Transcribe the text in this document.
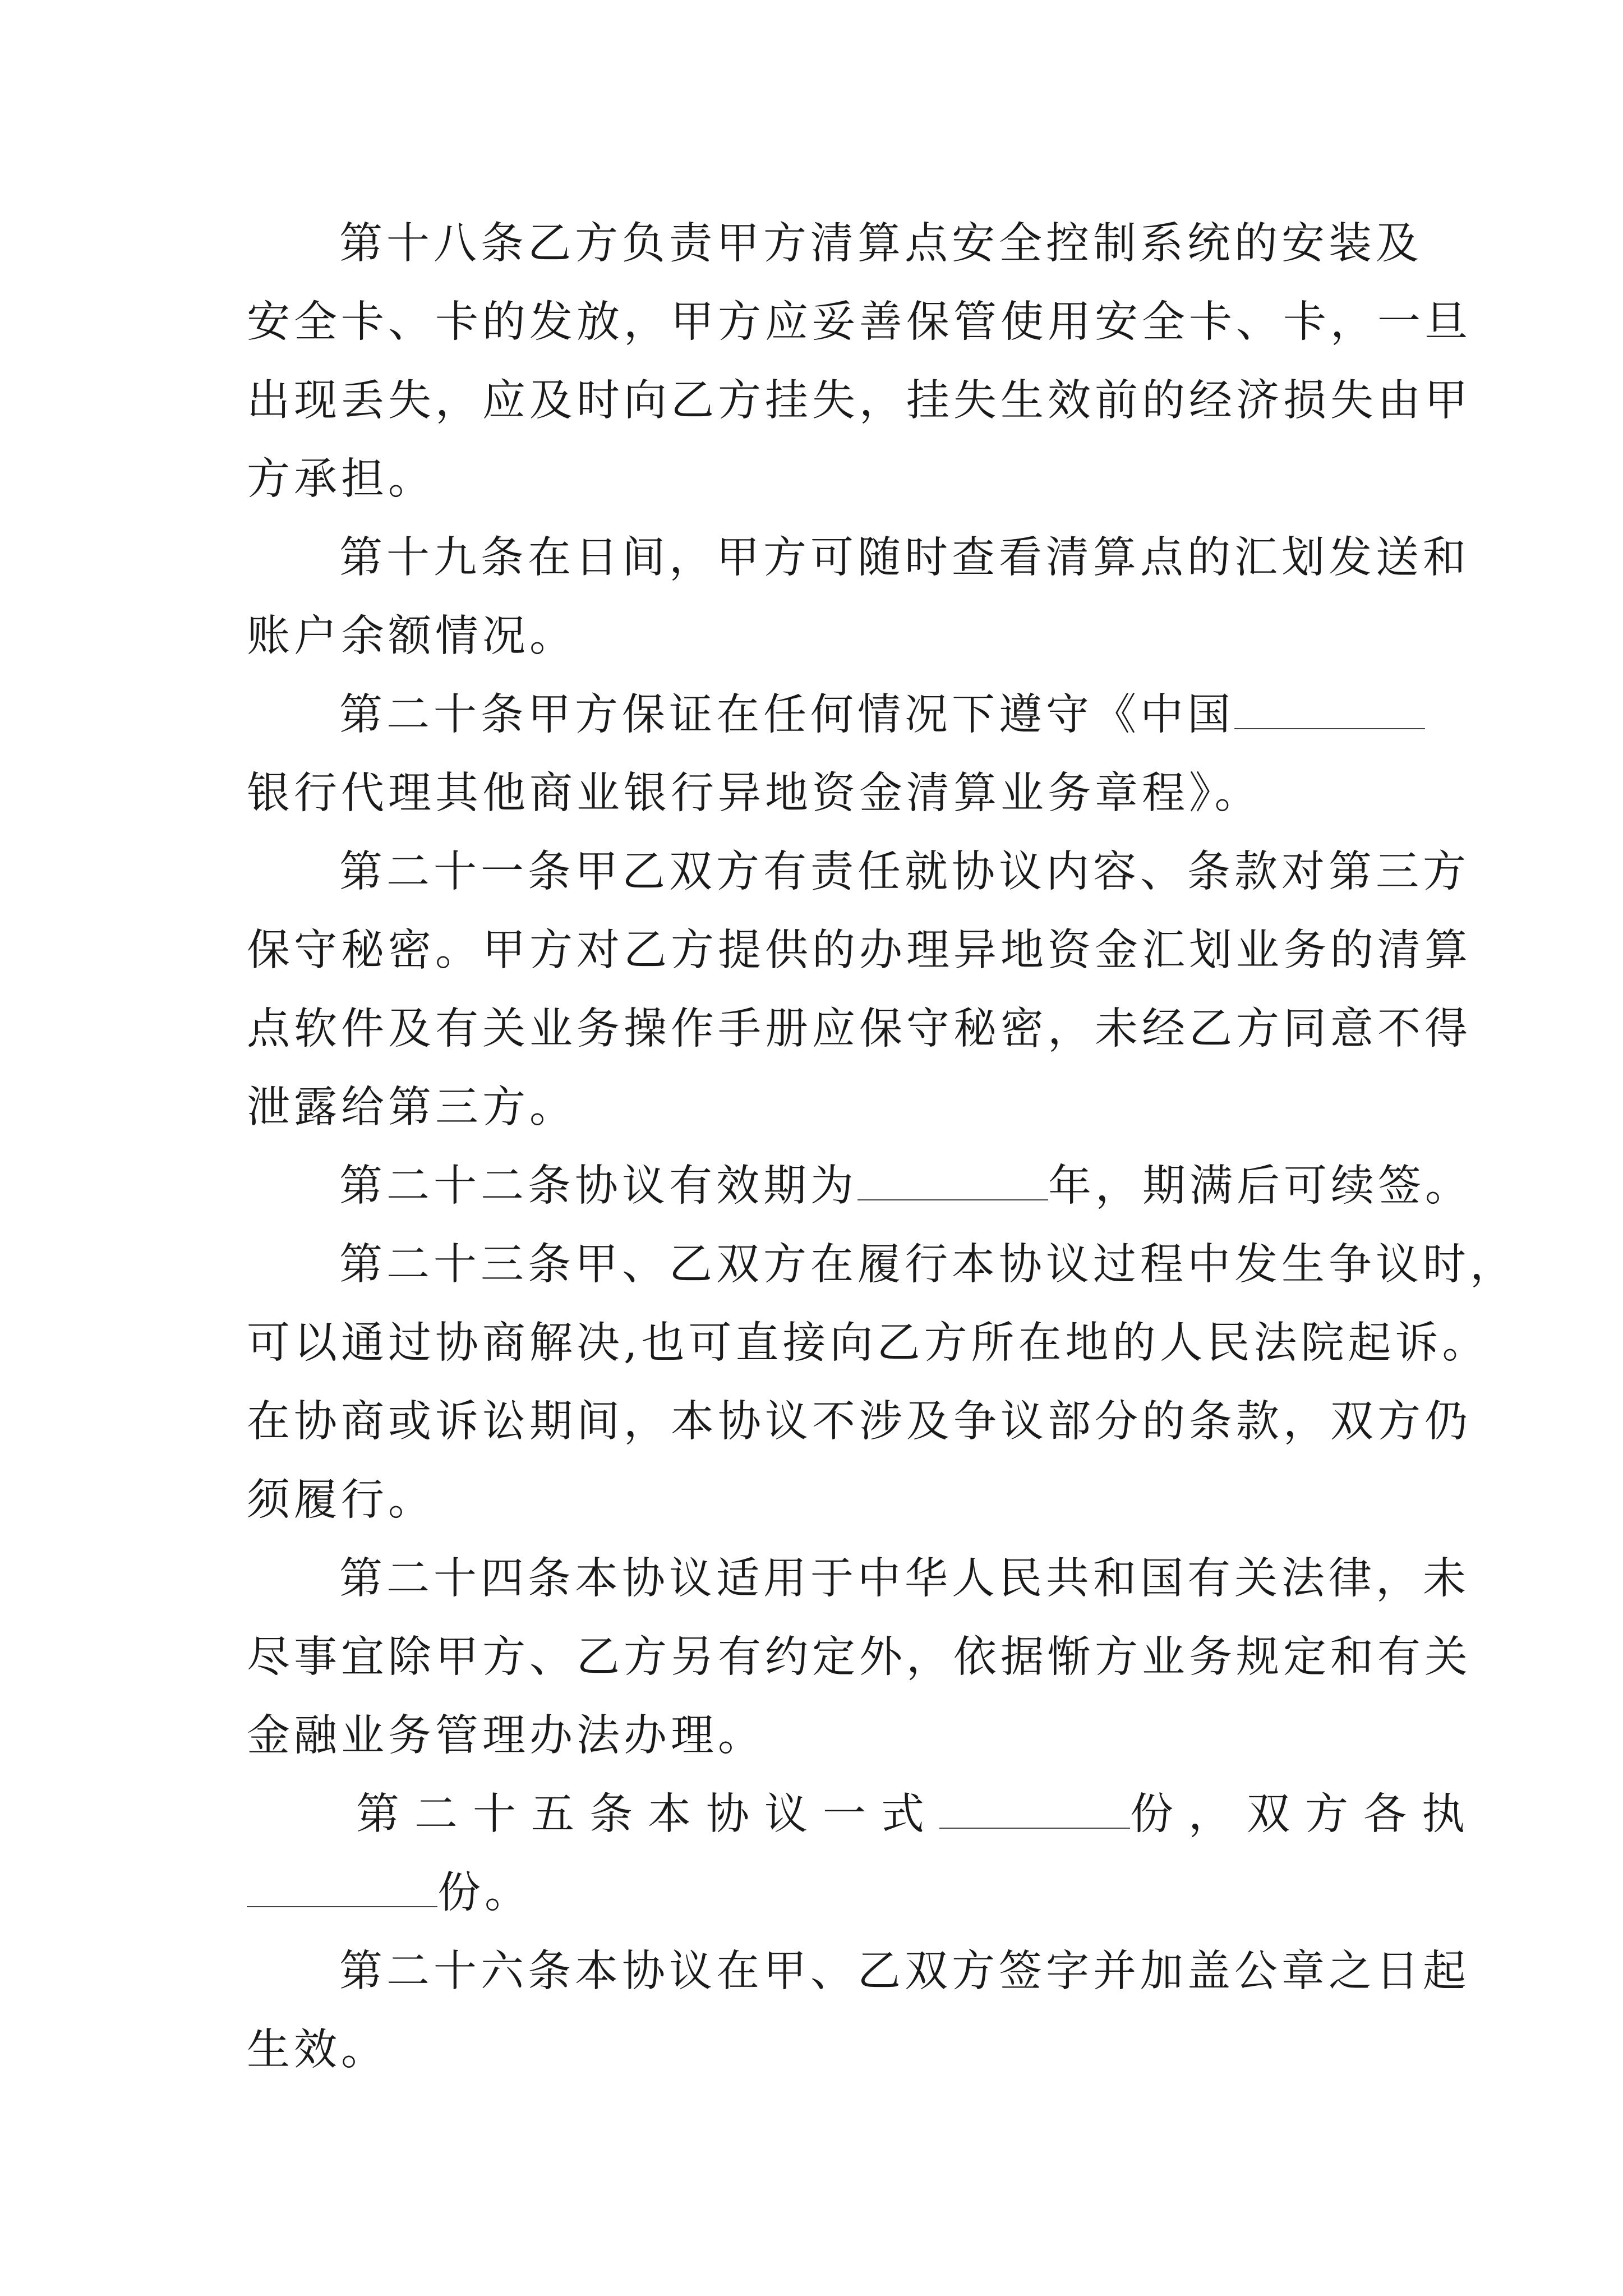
第十八条乙方负责甲方清算点安全控制系统的安装及
安全卡、卡的发放，甲方应妥善保管使用安全卡、卡，一旦
出现丢失，应及时向乙方挂失，挂失生效前的经济损失由甲
方承担。
第十九条在日间，甲方可随时查看清算点的汇划发送和
账户余额情况。
第二十条甲方保证在任何情况下遵守《中国
银行代理其他商业银行异地资金清算业务章程》。
第二十一条甲乙双方有责任就协议内容、条款对第三方
保守秘密。甲方对乙方提供的办理异地资金汇划业务的清算
点软件及有关业务操作手册应保守秘密，未经乙方同意不得
泄露给第三方。
第二十二条协议有效期为	年，期满后可续签。
第二十三条甲、乙双方在履行本协议过程中发生争议时，
可以通过协商解决,也可直接向乙方所在地的人民法院起诉。
在协商或诉讼期间，本协议不涉及争议部分的条款，双方仍
须履行。
第二十四条本协议适用于中华人民共和国有关法律，未
尽事宜除甲方、乙方另有约定外，依据惭方业务规定和有关
金融业务管理办法办理。
第二十五条本协议一式	份，双方各执
份。
第二十六条本协议在甲、乙双方签字并加盖公章之日起
生效。
